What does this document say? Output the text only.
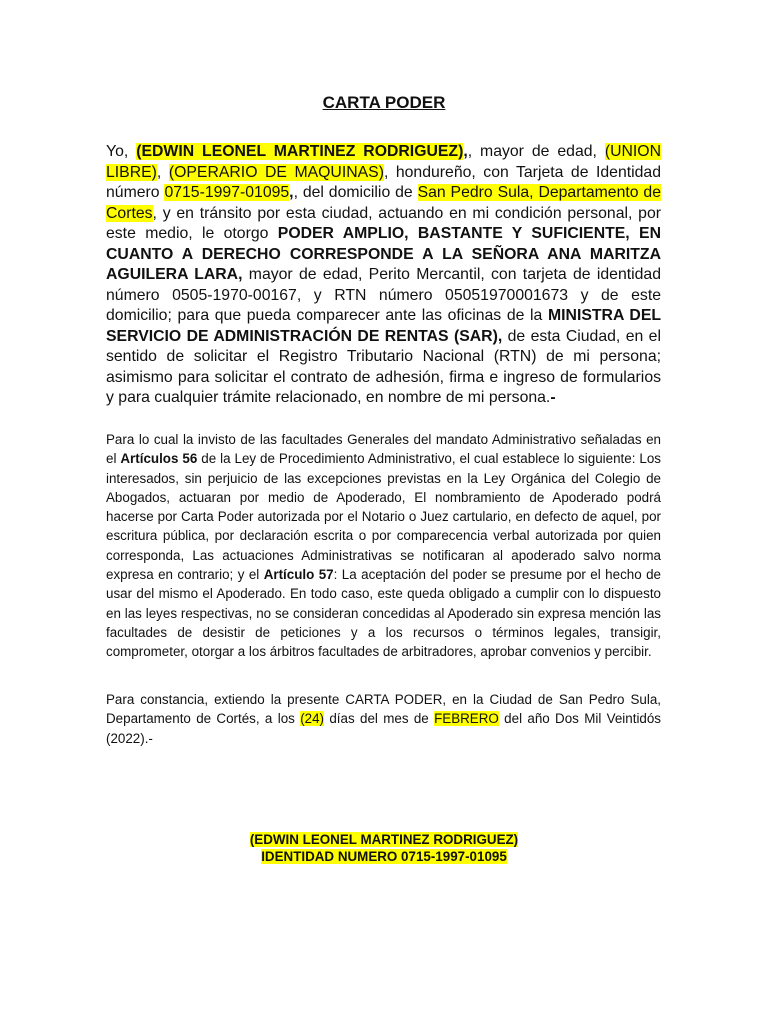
CARTA PODER
Yo, (EDWIN LEONEL MARTINEZ RODRIGUEZ),, mayor de edad, (UNION LIBRE), (OPERARIO DE MAQUINAS), hondureño, con Tarjeta de Identidad número 0715-1997-01095,, del domicilio de San Pedro Sula, Departamento de Cortes, y en tránsito por esta ciudad, actuando en mi condición personal, por este medio, le otorgo PODER AMPLIO, BASTANTE Y SUFICIENTE, EN CUANTO A DERECHO CORRESPONDE A LA SEÑORA ANA MARITZA AGUILERA LARA, mayor de edad, Perito Mercantil, con tarjeta de identidad número 0505-1970-00167, y RTN número 05051970001673 y de este domicilio; para que pueda comparecer ante las oficinas de la MINISTRA DEL SERVICIO DE ADMINISTRACIÓN DE RENTAS (SAR), de esta Ciudad, en el sentido de solicitar el Registro Tributario Nacional (RTN) de mi persona; asimismo para solicitar el contrato de adhesión, firma e ingreso de formularios y para cualquier trámite relacionado, en nombre de mi persona.-
Para lo cual la invisto de las facultades Generales del mandato Administrativo señaladas en el Artículos 56 de la Ley de Procedimiento Administrativo, el cual establece lo siguiente: Los interesados, sin perjuicio de las excepciones previstas en la Ley Orgánica del Colegio de Abogados, actuaran por medio de Apoderado, El nombramiento de Apoderado podrá hacerse por Carta Poder autorizada por el Notario o Juez cartulario, en defecto de aquel, por escritura pública, por declaración escrita o por comparecencia verbal autorizada por quien corresponda, Las actuaciones Administrativas se notificaran al apoderado salvo norma expresa en contrario; y el Artículo 57: La aceptación del poder se presume por el hecho de usar del mismo el Apoderado. En todo caso, este queda obligado a cumplir con lo dispuesto en las leyes respectivas, no se consideran concedidas al Apoderado sin expresa mención las facultades de desistir de peticiones y a los recursos o términos legales, transigir, comprometer, otorgar a los árbitros facultades de arbitradores, aprobar convenios y percibir.
Para constancia, extiendo la presente CARTA PODER, en la Ciudad de San Pedro Sula, Departamento de Cortés, a los (24) días del mes de FEBRERO del año Dos Mil Veintidós (2022).-
(EDWIN LEONEL MARTINEZ RODRIGUEZ)
IDENTIDAD NUMERO 0715-1997-01095
